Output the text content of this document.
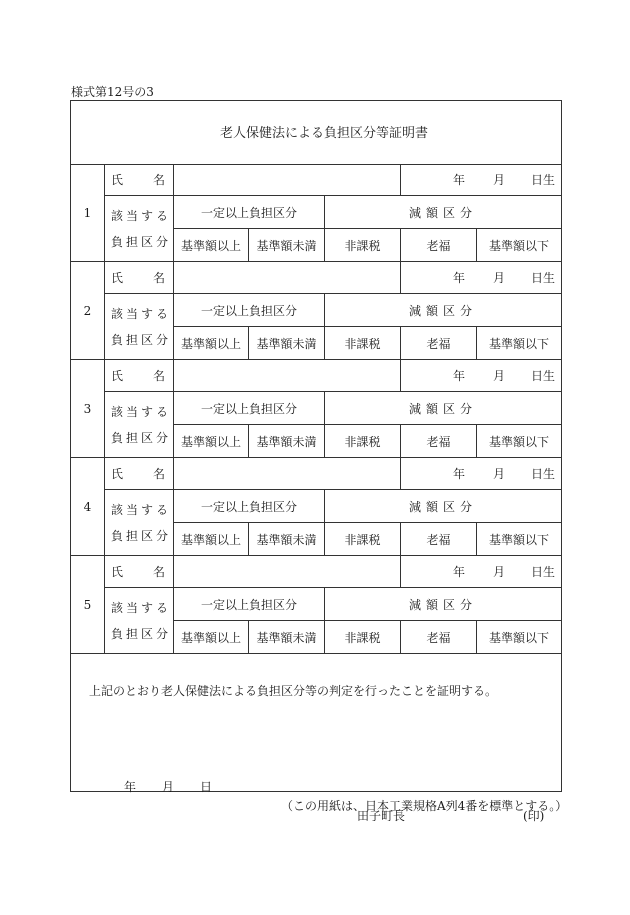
様式第12号の3
老人保健法による負担区分等証明書
1
氏 名	年 月 日生
該当する
負担区分
一定以上負担区分	減額区分
基準額以上	基準額未満	非課税	老福	基準額以下
2
氏 名	年 月 日生
該当する
負担区分
一定以上負担区分	減額区分
基準額以上	基準額未満	非課税	老福	基準額以下
3
氏 名	年 月 日生
該当する
負担区分
一定以上負担区分	減額区分
基準額以上	基準額未満	非課税	老福	基準額以下
4
氏 名	年 月 日生
該当する
負担区分
一定以上負担区分	減額区分
基準額以上	基準額未満	非課税	老福	基準額以下
5
氏 名	年 月 日生
該当する
負担区分
一定以上負担区分	減額区分
基準額以上	基準額未満	非課税	老福	基準額以下
上記のとおり老人保健法による負担区分等の判定を行ったことを証明する。
年 月 日
田子町長	(印)
（この用紙は、日本工業規格A列4番を標準とする。）
